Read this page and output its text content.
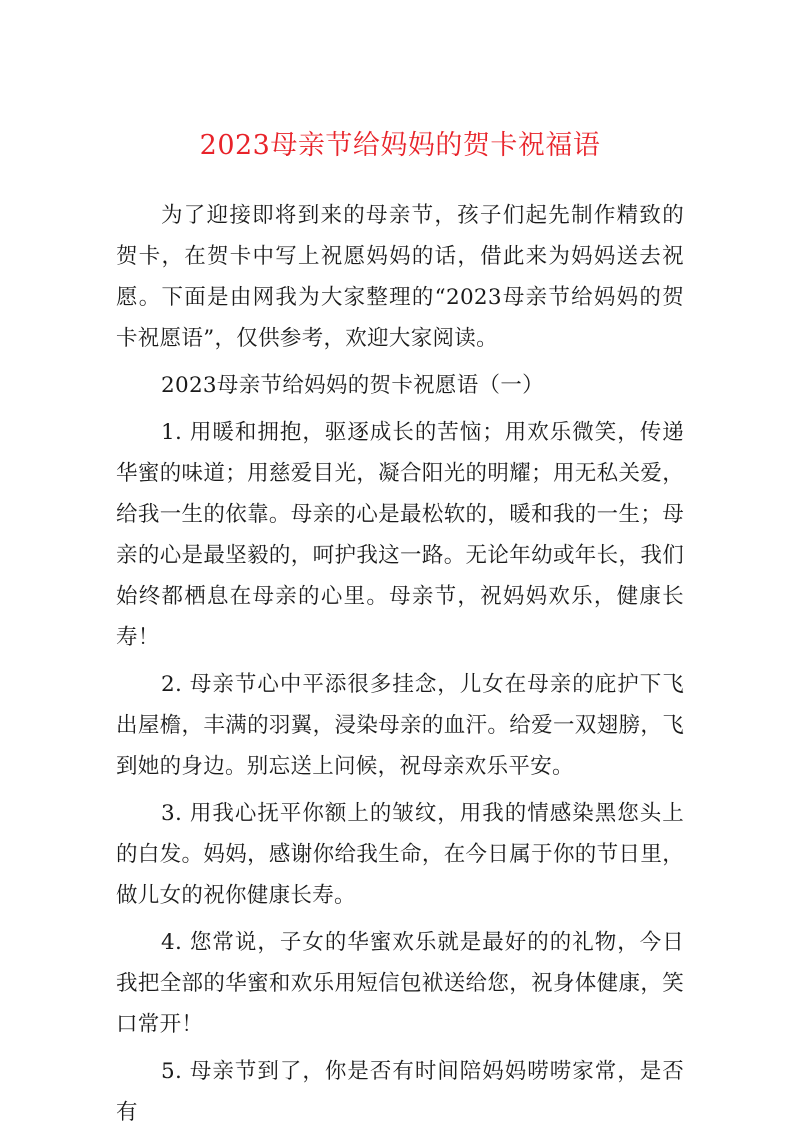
2023母亲节给妈妈的贺卡祝福语

为了迎接即将到来的母亲节，孩子们起先制作精致的贺卡，在贺卡中写上祝愿妈妈的话，借此来为妈妈送去祝愿。下面是由网我为大家整理的“2023母亲节给妈妈的贺卡祝愿语”，仅供参考，欢迎大家阅读。

2023母亲节给妈妈的贺卡祝愿语（一）

1. 用暖和拥抱，驱逐成长的苦恼；用欢乐微笑，传递华蜜的味道；用慈爱目光，凝合阳光的明耀；用无私关爱，给我一生的依靠。母亲的心是最松软的，暖和我的一生；母亲的心是最坚毅的，呵护我这一路。无论年幼或年长，我们始终都栖息在母亲的心里。母亲节，祝妈妈欢乐，健康长寿！

2. 母亲节心中平添很多挂念，儿女在母亲的庇护下飞出屋檐，丰满的羽翼，浸染母亲的血汗。给爱一双翅膀，飞到她的身边。别忘送上问候，祝母亲欢乐平安。

3. 用我心抚平你额上的皱纹，用我的情感染黑您头上的白发。妈妈，感谢你给我生命，在今日属于你的节日里，做儿女的祝你健康长寿。

4. 您常说，子女的华蜜欢乐就是最好的的礼物，今日我把全部的华蜜和欢乐用短信包袱送给您，祝身体健康，笑口常开！

5. 母亲节到了，你是否有时间陪妈妈唠唠家常，是否有
